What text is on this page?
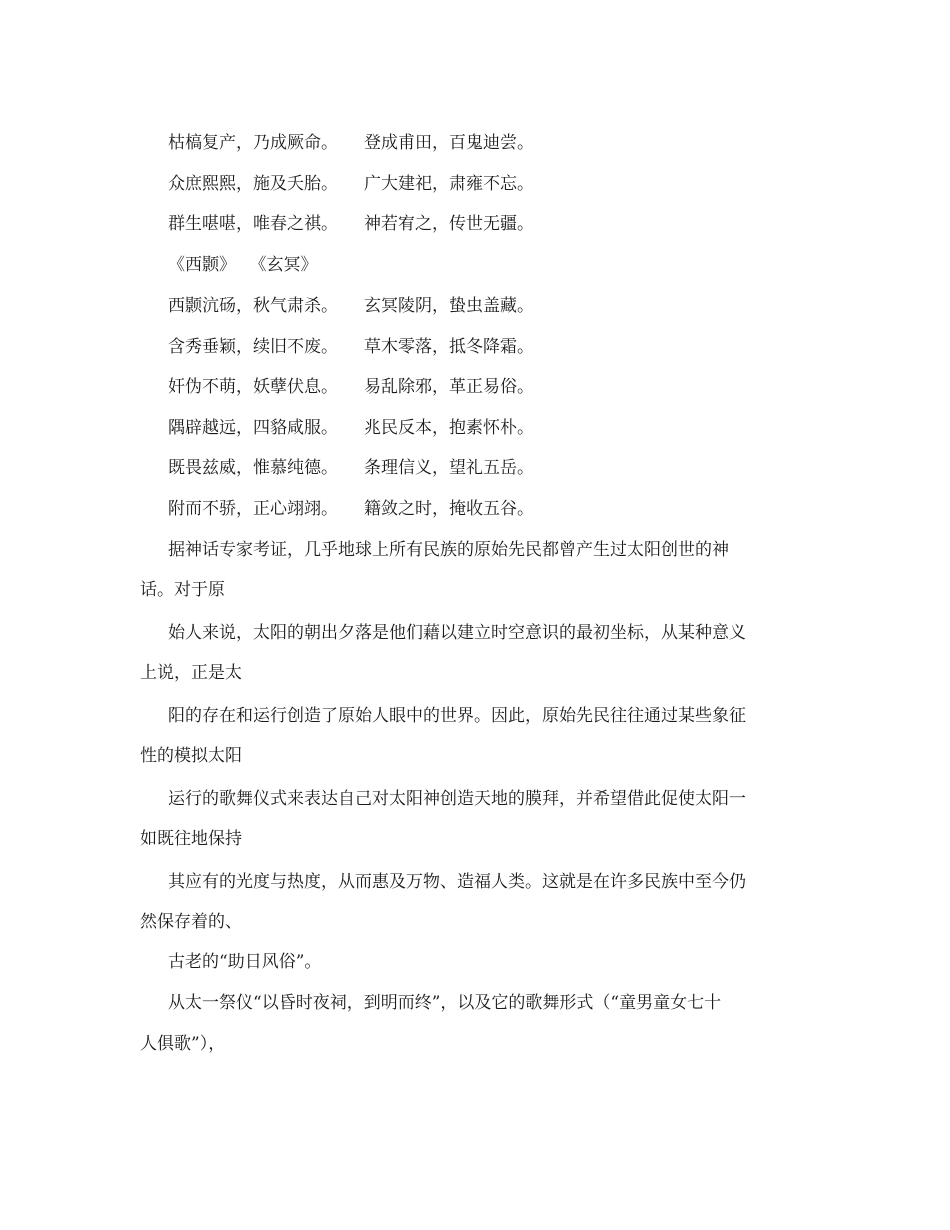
枯槁复产，乃成厥命。	登成甫田，百鬼迪尝。
众庶熙熙，施及夭胎。	广大建祀，肃雍不忘。
群生啿啿，唯春之祺。	神若宥之，传世无疆。
《西颢》 《玄冥》
西颢沆砀，秋气肃杀。	玄冥陵阴，蛰虫盖藏。
含秀垂颖，续旧不废。	草木零落，抵冬降霜。
奸伪不萌，妖孽伏息。	易乱除邪，革正易俗。
隅辟越远，四貉咸服。	兆民反本，抱素怀朴。
既畏兹威，惟慕纯德。	条理信义，望礼五岳。
附而不骄，正心翊翊。	籍敛之时，掩收五谷。
据神话专家考证，几乎地球上所有民族的原始先民都曾产生过太阳创世的神
话。对于原
始人来说，太阳的朝出夕落是他们藉以建立时空意识的最初坐标，从某种意义
上说，正是太
阳的存在和运行创造了原始人眼中的世界。因此，原始先民往往通过某些象征
性的模拟太阳
运行的歌舞仪式来表达自己对太阳神创造天地的膜拜，并希望借此促使太阳一
如既往地保持
其应有的光度与热度，从而惠及万物、造福人类。这就是在许多民族中至今仍
然保存着的、
古老的“助日风俗”。
从太一祭仪“以昏时夜祠，到明而终”，以及它的歌舞形式（“童男童女七十
人俱歌”），
